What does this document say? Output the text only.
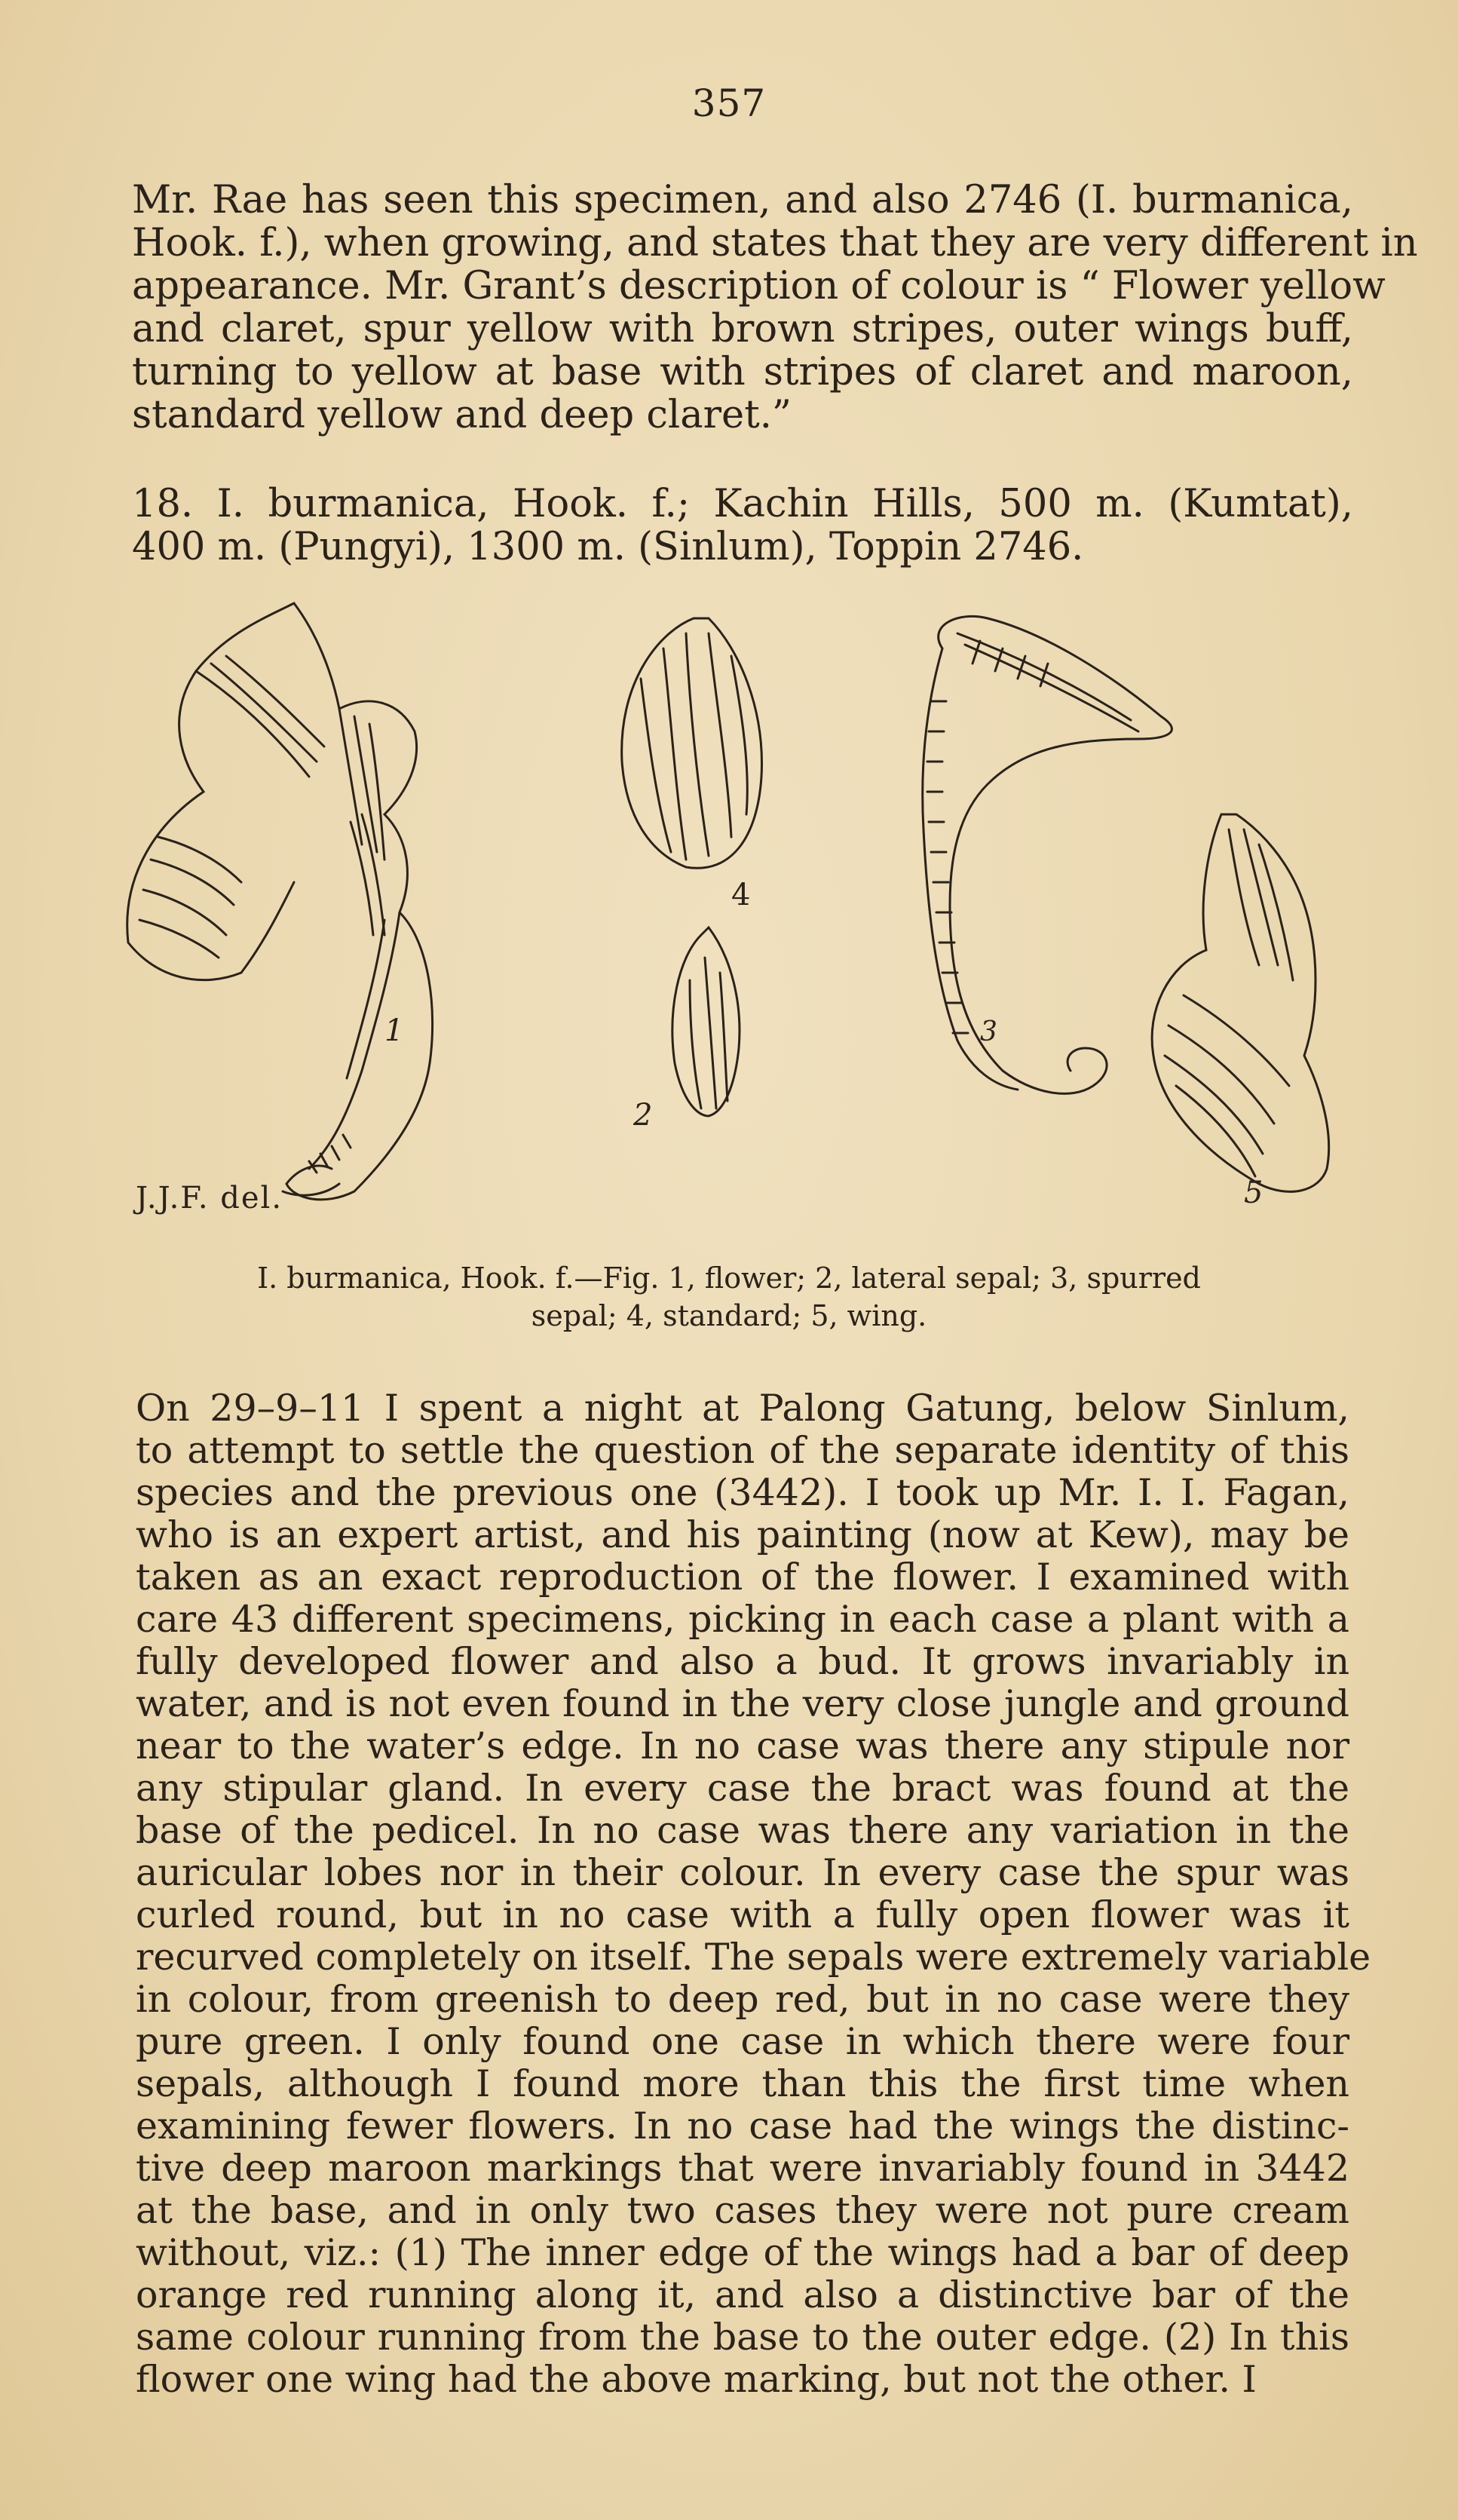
357
Mr. Rae has seen this specimen, and also 2746 (I. burmanica,
Hook. f.), when growing, and states that they are very different in
appearance. Mr. Grant’s description of colour is “ Flower yellow
and claret, spur yellow with brown stripes, outer wings buff,
turning to yellow at base with stripes of claret and maroon,
standard yellow and deep claret.”
18. I. burmanica, Hook. f.; Kachin Hills, 500 m. (Kumtat),
400 m. (Pungyi), 1300 m. (Sinlum), Toppin 2746.
1
J.J.F. del.
4
2
3
5
I. burmanica, Hook. f.—Fig. 1, flower; 2, lateral sepal; 3, spurred
sepal; 4, standard; 5, wing.
On 29–9–11 I spent a night at Palong Gatung, below Sinlum,
to attempt to settle the question of the separate identity of this
species and the previous one (3442). I took up Mr. I. I. Fagan,
who is an expert artist, and his painting (now at Kew), may be
taken as an exact reproduction of the flower. I examined with
care 43 different specimens, picking in each case a plant with a
fully developed flower and also a bud. It grows invariably in
water, and is not even found in the very close jungle and ground
near to the water’s edge. In no case was there any stipule nor
any stipular gland. In every case the bract was found at the
base of the pedicel. In no case was there any variation in the
auricular lobes nor in their colour. In every case the spur was
curled round, but in no case with a fully open flower was it
recurved completely on itself. The sepals were extremely variable
in colour, from greenish to deep red, but in no case were they
pure green. I only found one case in which there were four
sepals, although I found more than this the first time when
examining fewer flowers. In no case had the wings the distinc-
tive deep maroon markings that were invariably found in 3442
at the base, and in only two cases they were not pure cream
without, viz.: (1) The inner edge of the wings had a bar of deep
orange red running along it, and also a distinctive bar of the
same colour running from the base to the outer edge. (2) In this
flower one wing had the above marking, but not the other. I
